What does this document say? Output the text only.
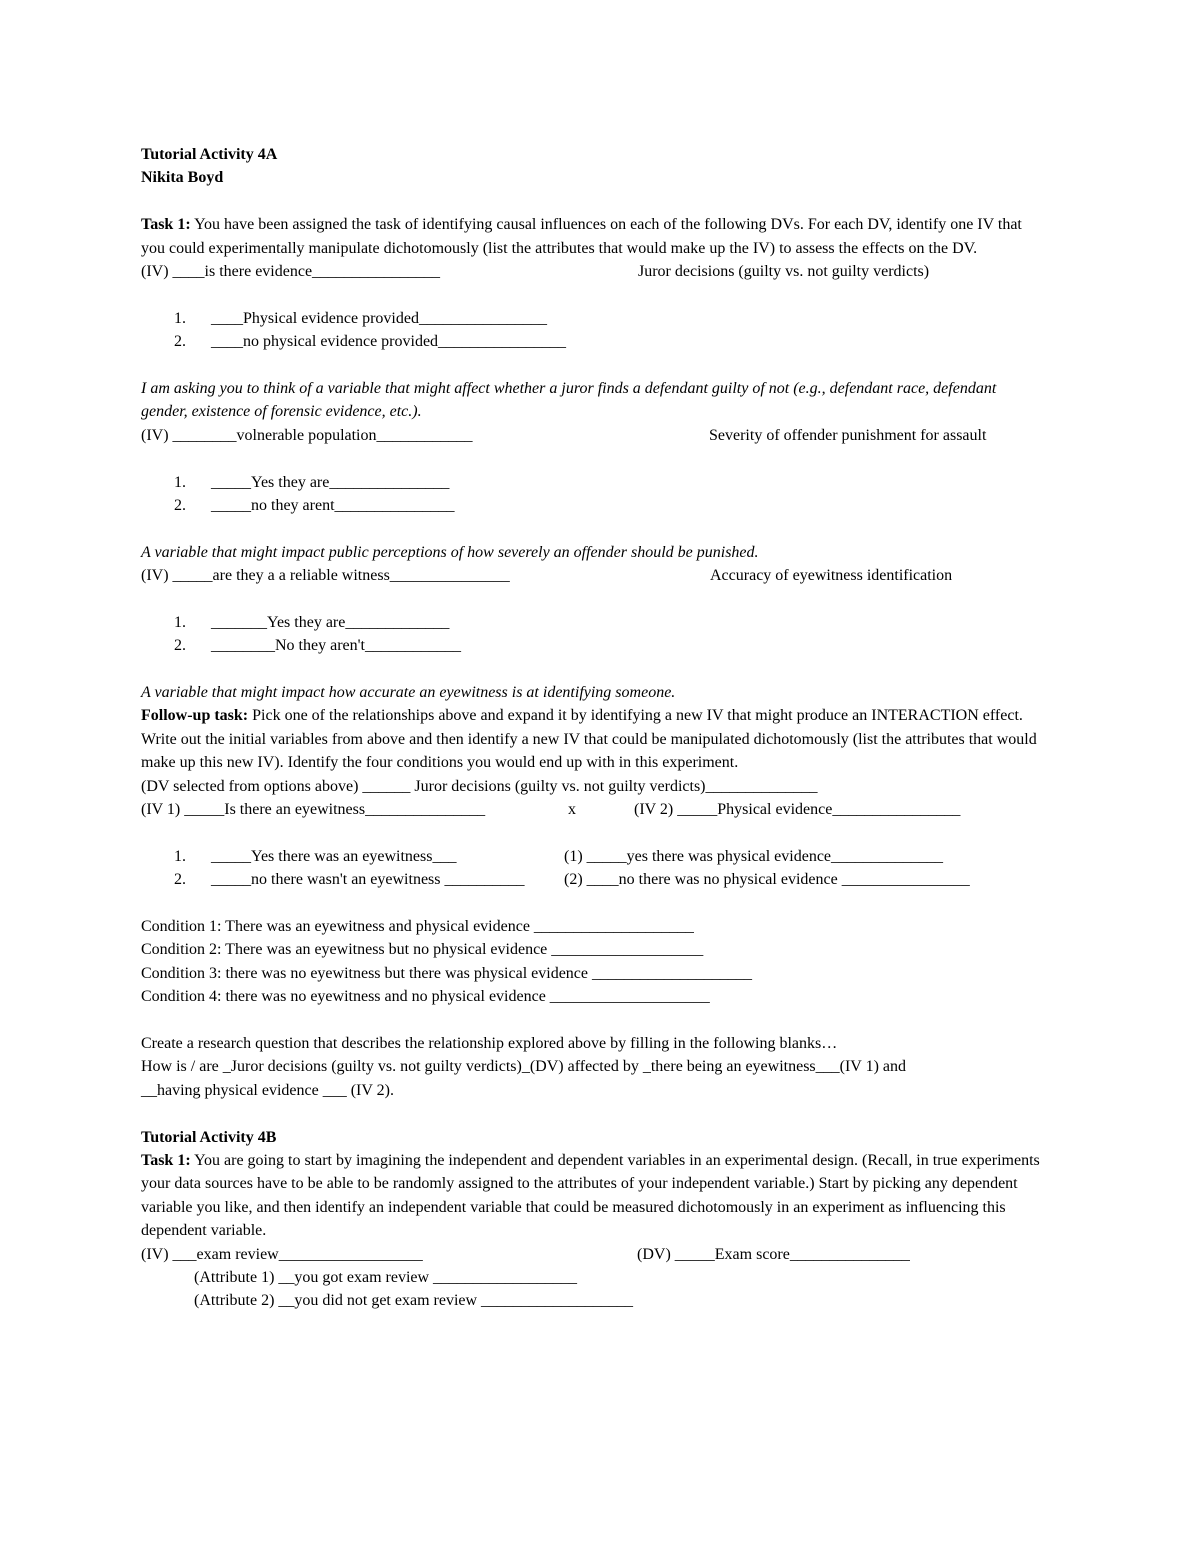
Tutorial Activity 4A
Nikita Boyd
Task 1: You have been assigned the task of identifying causal influences on each of the following DVs. For each DV, identify one IV that you could experimentally manipulate dichotomously (list the attributes that would make up the IV) to assess the effects on the DV.

(IV) ____is there evidence________________

	Juror decisions (guilty vs. not guilty verdicts)

1. ____Physical evidence provided________________
2. ____no physical evidence provided________________
I am asking you to think of a variable that might affect whether a juror finds a defendant guilty of not (e.g., defendant race, defendant gender, existence of forensic evidence, etc.).

(IV) ________volnerable population____________

	Severity of offender punishment for assault

1. _____Yes they are_______________
2. _____no they arent_______________
A variable that might impact public perceptions of how severely an offender should be punished.

(IV) _____are they a a reliable witness_______________

	Accuracy of eyewitness identification

1. _______Yes they are_____________
2. ________No they aren't____________
A variable that might impact how accurate an eyewitness is at identifying someone.
Follow-up task: Pick one of the relationships above and expand it by identifying a new IV that might produce an INTERACTION effect. Write out the initial variables from above and then identify a new IV that could be manipulated dichotomously (list the attributes that would make up this new IV). Identify the four conditions you would end up with in this experiment.
(DV selected from options above) ______ Juror decisions (guilty vs. not guilty verdicts)______________

(IV 1) _____Is there an eyewitness_______________

	x

	(IV 2) _____Physical evidence________________

1. _____Yes there was an eyewitness___

	(1) _____yes there was physical evidence______________

2. _____no there wasn't an eyewitness __________

(2) ____no there was no physical evidence ________________

Condition 1: There was an eyewitness and physical evidence ____________________
Condition 2: There was an eyewitness but no physical evidence ___________________
Condition 3: there was no eyewitness but there was physical evidence ____________________
Condition 4: there was no eyewitness and no physical evidence ____________________
Create a research question that describes the relationship explored above by filling in the following blanks…
How is / are _Juror decisions (guilty vs. not guilty verdicts)_(DV) affected by _there being an eyewitness___(IV 1) and
__having physical evidence ___ (IV 2).
Tutorial Activity 4B
Task 1: You are going to start by imagining the independent and dependent variables in an experimental design. (Recall, in true experiments your data sources have to be able to be randomly assigned to the attributes of your independent variable.) Start by picking any dependent variable you like, and then identify an independent variable that could be measured dichotomously in an experiment as influencing this dependent variable.

(IV) ___exam review__________________

	(DV) _____Exam score_______________

(Attribute 1) __you got exam review __________________
(Attribute 2) __you did not get exam review ___________________
